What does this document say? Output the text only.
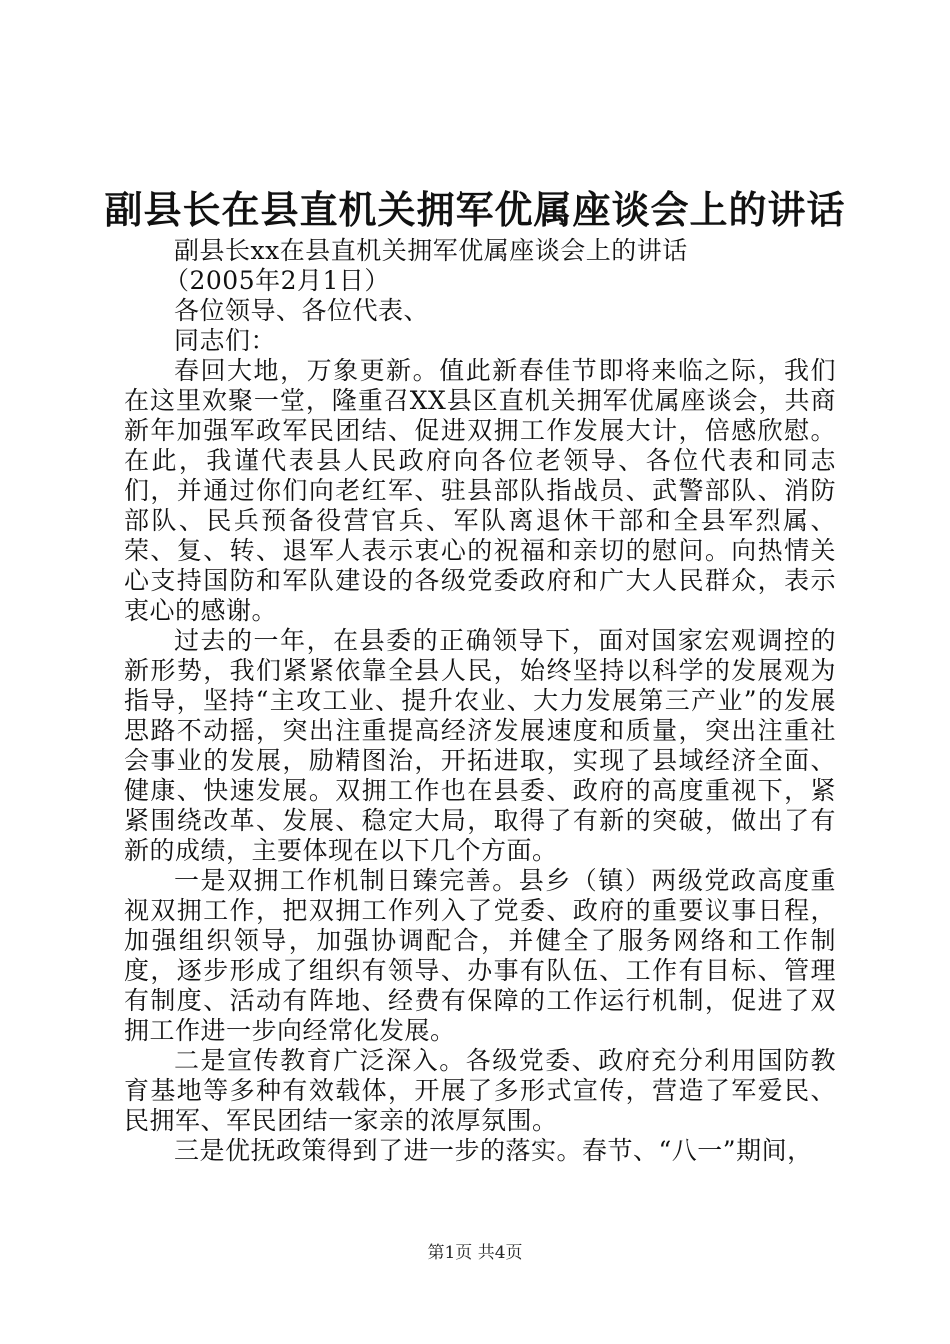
副县长在县直机关拥军优属座谈会上的讲话

副县长xx在县直机关拥军优属座谈会上的讲话

（2005年2月1日）

各位领导、各位代表、

同志们：

春回大地，万象更新。值此新春佳节即将来临之际，我们在这里欢聚一堂，隆重召XX县区直机关拥军优属座谈会，共商新年加强军政军民团结、促进双拥工作发展大计，倍感欣慰。在此，我谨代表县人民政府向各位老领导、各位代表和同志们，并通过你们向老红军、驻县部队指战员、武警部队、消防部队、民兵预备役营官兵、军队离退休干部和全县军烈属、荣、复、转、退军人表示衷心的祝福和亲切的慰问。向热情关心支持国防和军队建设的各级党委政府和广大人民群众，表示衷心的感谢。

过去的一年，在县委的正确领导下，面对国家宏观调控的新形势，我们紧紧依靠全县人民，始终坚持以科学的发展观为指导，坚持“主攻工业、提升农业、大力发展第三产业”的发展思路不动摇，突出注重提高经济发展速度和质量，突出注重社会事业的发展，励精图治，开拓进取，实现了县域经济全面、健康、快速发展。双拥工作也在县委、政府的高度重视下，紧紧围绕改革、发展、稳定大局，取得了有新的突破，做出了有新的成绩，主要体现在以下几个方面。

一是双拥工作机制日臻完善。县乡（镇）两级党政高度重视双拥工作，把双拥工作列入了党委、政府的重要议事日程，加强组织领导，加强协调配合，并健全了服务网络和工作制度，逐步形成了组织有领导、办事有队伍、工作有目标、管理有制度、活动有阵地、经费有保障的工作运行机制，促进了双拥工作进一步向经常化发展。

二是宣传教育广泛深入。各级党委、政府充分利用国防教育基地等多种有效载体，开展了多形式宣传，营造了军爱民、民拥军、军民团结一家亲的浓厚氛围。

三是优抚政策得到了进一步的落实。春节、“八一”期间，

第1页 共4页
